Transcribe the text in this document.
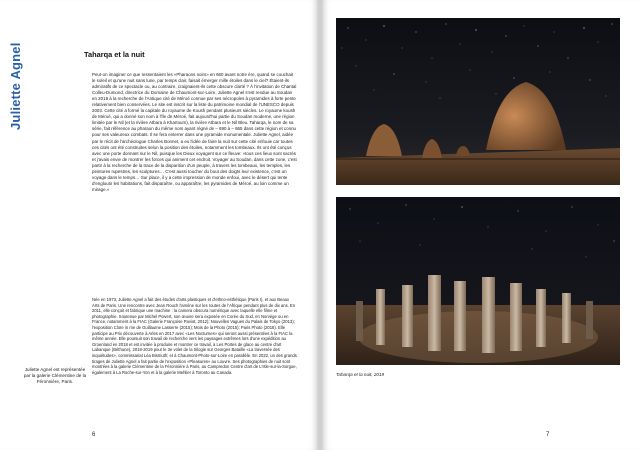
Juliette Agnel	Taharqa et la nuit

Peut-on imaginer ce que ressentaient les «Pharaons noirs» en 660 avant notre ère, quand se couchait le soleil et qu'une nuit sans lune, par temps clair, faisait émerger mille étoiles dans le ciel? Étaient-ils admiratifs de ce spectacle ou, au contraire, craignaient-ils cette obscure clarté ? À l'invitation de Chantal Colleu-Dumond, directrice du Domaine de Chaumont-sur-Loire, Juliette Agnel s'est rendue au Soudan en 2019 à la recherche de l'Antique cité de Méroé connue par ses nécropoles à pyramides à forte pente relativement bien conservées. Le site est inscrit sur la liste du patrimoine mondial de l'UNESCO depuis 2003. Cette cité a formé la capitale du royaume de Koush pendant plusieurs siècles. Le royaume koush de Méroé, qui a donné son nom à l'île de Méroé, fait aujourd'hui partie du Soudan moderne, une région limitée par le Nil (et la rivière Atbara à Khartoum), la rivière Atbara et le Nil Bleu. Taharqa, le nom de sa série, fait référence au pharaon du même nom ayant régné de – 690 à – 665 dans cette région et connu pour ses valeureux combats. Il se fera enterrer dans une pyramide monumentale. Juliette Agnel, aidée par le récit de l'archéologue Charles Bonnet, a eu l'idée de faire la nuit sur cette cité enfouie car toutes ces cités ont été construites selon la position des étoiles, notamment les tombeaux. Ils ont été conçus avec une porte donnant sur le Nil, puisque les Dieux voyagent sur ce fleuve: «tous ces lieux sont sacrés et j'avais envie de montrer les forces qui animent cet endroit. Voyager au Soudan, dans cette zone, c'est partir à la recherche de la trace de la disparition d'un peuple, à travers les tombeaux, les temples, les peintures rupestres, les sculptures… C'est aussi toucher du bout des doigts leur existence, c'est un voyage dans le temps… Sur place, il y a cette impression de monde enfoui, avec le désert qui tente d'engloutir les habitations, fait disparaître, ou apparaître, les pyramides de Méroé, au loin comme un mirage.»

Née en 1973, Juliette Agnel a fait des études d'arts plastiques et d'ethno-esthétique (Paris I), et aux Beaux Arts de Paris. Une rencontre avec Jean Rouch l'amène sur les routes de l'Afrique pendant plus de dix ans. En 2011, elle conçoit et fabrique une machine : la camera obscura numérique avec laquelle elle filme et photographie. Soutenue par Michel Poivert, son œuvre sera exposée en Corée du Sud, en Norvège ou en France, notamment à la FIAC (Galerie Françoise Paviot, 2012); Nouvelles Vagues du Palais de Tokyo (2013); l'exposition Clore in me de Guillaume Lasserre (2015); Mois de la Photo (2015); Paris Photo (2018). Elle participe au Prix découverte à Arles en 2017 avec «Les Nocturnes» qui seront aussi présentées à la FIAC la même année. Elle poursuit son travail de recherche vers les paysages extrêmes lors d'une expédition au Groenland en 2018 et est invitée à produire et montrer ce travail, à Les Portes de glace au centre d'art Labanque (Béthune), 2018-2019 pour le 3e volet de la trilogie sur Georges Bataille «La traversée des inquiétudes», commissariat Léa Bismuth; et à Chaumont-Photo-sur-Loire en parallèle. En 2022, un des grands tirages de Juliette Agnel a fait partie de l'exposition «Pleasures» au Louvre. Ses photographies de nuit sont montrées à la galerie Clémentine de la Féronnière à Paris, au Campredon Centre d'art de L'Isle-sur-la-Sorgue, également à La Roche-sur-Yon et à la galerie Mehlier à Toronto au Canada.

Juliette Agnel est représentée par la galerie Clémentine de la Féronnière, Paris.
6	7
Taharqa et la nuit, 2019
